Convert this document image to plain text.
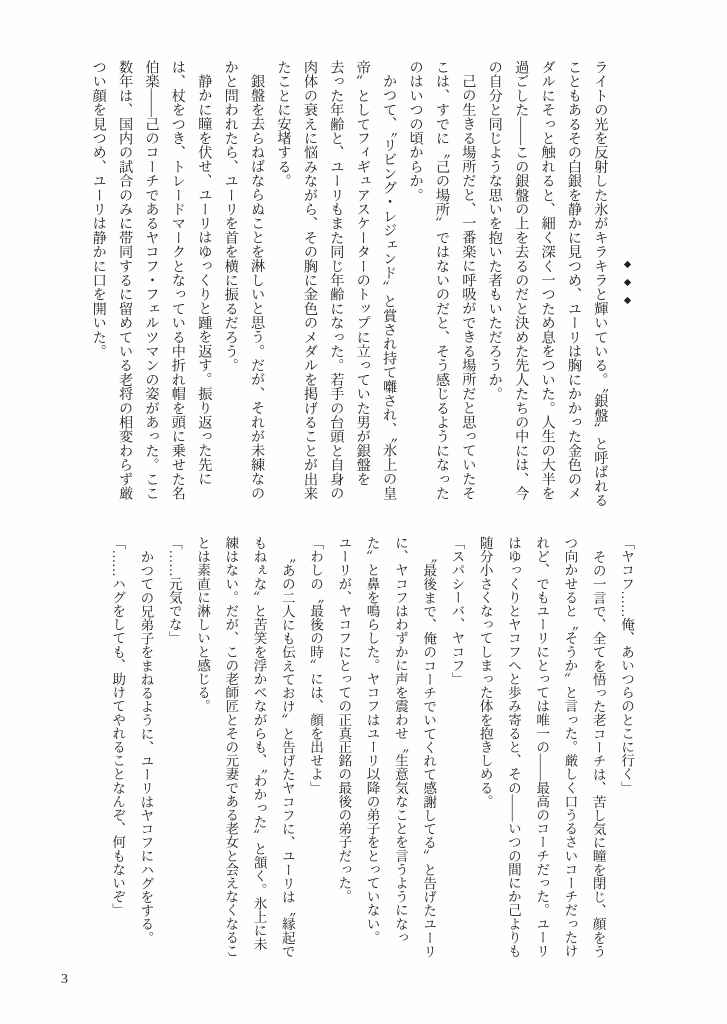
◆◆◆

ライトの光を反射した氷がキラキラと輝いている。〝銀盤〟と呼ばれることもあるその白銀を静かに見つめ、ユーリは胸にかかった金色のメダルにそっと触れると、細く深く一つため息をついた。人生の大半を過ごした――この銀盤の上を去るのだと決めた先人たちの中には、今の自分と同じような思いを抱いた者もいただろうか。

己の生きる場所だと、一番楽に呼吸ができる場所だと思っていたそこは、すでに〝己の場所〟ではないのだと、そう感じるようになったのはいつの頃からか。

かつて、〝リビング・レジェンド〟と賞され持て囃され、〝氷上の皇帝〟としてフィギュアスケーターのトップに立っていた男が銀盤を去った年齢と、ユーリもまた同じ年齢になった。若手の台頭と自身の肉体の衰えに悩みながら、その胸に金色のメダルを掲げることが出来たことに安堵する。

銀盤を去らねばならぬことを淋しいと思う。だが、それが未練なのかと問われたら、ユーリを首を横に振るだろう。

静かに瞳を伏せ、ユーリはゆっくりと踵を返す。振り返った先には、杖をつき、トレードマークとなっている中折れ帽を頭に乗せた名伯楽――己のコーチであるヤコフ・フェルツマンの姿があった。ここ数年は、国内の試合のみに帯同するに留めている老将の相変わらず厳つい顔を見つめ、ユーリは静かに口を開いた。

「ヤコフ……俺、あいつらのとこに行く」

その一言で、全てを悟った老コーチは、苦し気に瞳を閉じ、顔をうつ向かせると〝そうか〟と言った。厳しく口うるさいコーチだったけれど、でもユーリにとっては唯一の――最高のコーチだった。ユーリはゆっくりとヤコフへと歩み寄ると、その――いつの間にか己よりも随分小さくなってしまった体を抱きしめる。

「スパシーバ、ヤコフ」

〝最後まで、俺のコーチでいてくれて感謝してる〟と告げたユーリに、ヤコフはわずかに声を震わせ〝生意気なことを言うようになった〟と鼻を鳴らした。ヤコフはユーリ以降の弟子をとっていない。ユーリが、ヤコフにとっての正真正銘の最後の弟子だった。

「わしの〝最後の時〟には、顔を出せよ」

〝あの二人にも伝えておけ〟と告げたヤコフに、ユーリは〝縁起でもねぇな〟と苦笑を浮かべながらも、〝わかった〟と頷く。氷上に未練はない。だが、この老師匠とその元妻である老女と会えなくなることは素直に淋しいと感じる。

「……元気でな」

かつての兄弟子をまねるように、ユーリはヤコフにハグをする。

「……ハグをしても、助けてやれることなんぞ、何もないぞ」

3
